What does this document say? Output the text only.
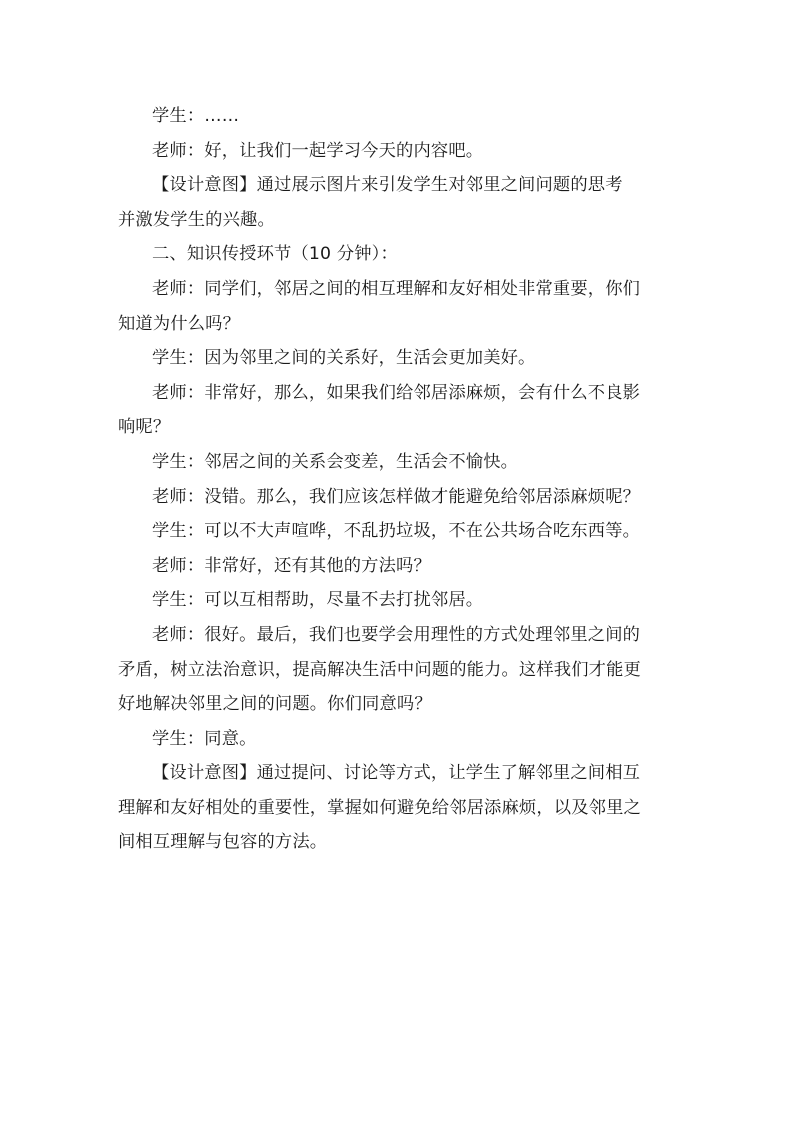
学生：……

老师：好，让我们一起学习今天的内容吧。

【设计意图】通过展示图片来引发学生对邻里之间问题的思考
并激发学生的兴趣。

二、知识传授环节（10 分钟）：

老师：同学们，邻居之间的相互理解和友好相处非常重要，你们
知道为什么吗？

学生：因为邻里之间的关系好，生活会更加美好。

老师：非常好，那么，如果我们给邻居添麻烦，会有什么不良影
响呢？

学生：邻居之间的关系会变差，生活会不愉快。

老师：没错。那么，我们应该怎样做才能避免给邻居添麻烦呢？

学生：可以不大声喧哗，不乱扔垃圾，不在公共场合吃东西等。

老师：非常好，还有其他的方法吗？

学生：可以互相帮助，尽量不去打扰邻居。

老师：很好。最后，我们也要学会用理性的方式处理邻里之间的
矛盾，树立法治意识，提高解决生活中问题的能力。这样我们才能更
好地解决邻里之间的问题。你们同意吗？

学生：同意。

【设计意图】通过提问、讨论等方式，让学生了解邻里之间相互
理解和友好相处的重要性，掌握如何避免给邻居添麻烦，以及邻里之
间相互理解与包容的方法。
